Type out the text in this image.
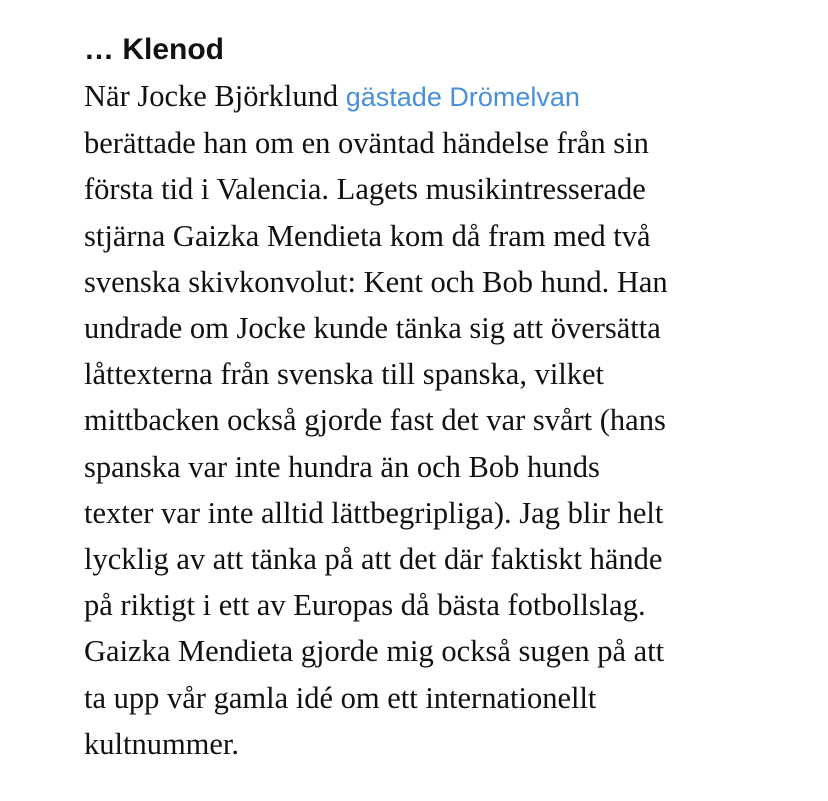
… Klenod
När Jocke Björklund gästade Drömelvan
berättade han om en oväntad händelse från sin
första tid i Valencia. Lagets musikintresserade
stjärna Gaizka Mendieta kom då fram med två
svenska skivkonvolut: Kent och Bob hund. Han
undrade om Jocke kunde tänka sig att översätta
låttexterna från svenska till spanska, vilket
mittbacken också gjorde fast det var svårt (hans
spanska var inte hundra än och Bob hunds
texter var inte alltid lättbegripliga). Jag blir helt
lycklig av att tänka på att det där faktiskt hände
på riktigt i ett av Europas då bästa fotbollslag.
Gaizka Mendieta gjorde mig också sugen på att
ta upp vår gamla idé om ett internationellt
kultnummer.
